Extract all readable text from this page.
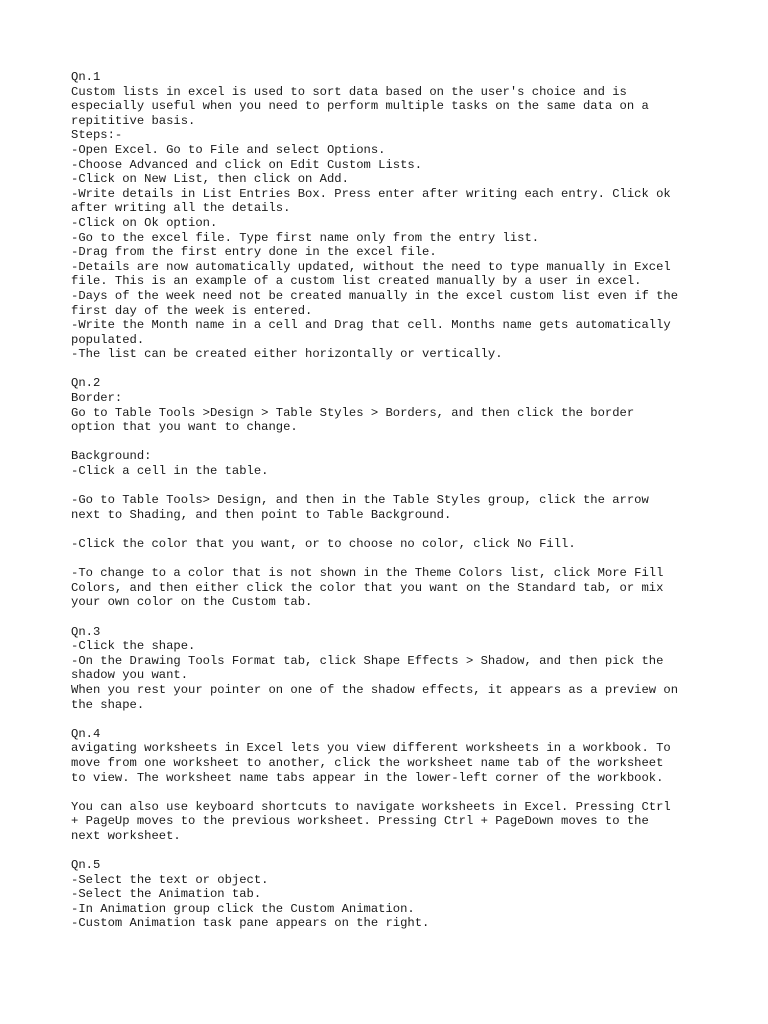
Qn.1
Custom lists in excel is used to sort data based on the user's choice and is
especially useful when you need to perform multiple tasks on the same data on a
repititive basis.
Steps:-
-Open Excel. Go to File and select Options.
-Choose Advanced and click on Edit Custom Lists.
-Click on New List, then click on Add.
-Write details in List Entries Box. Press enter after writing each entry. Click ok
after writing all the details.
-Click on Ok option.
-Go to the excel file. Type first name only from the entry list.
-Drag from the first entry done in the excel file.
-Details are now automatically updated, without the need to type manually in Excel
file. This is an example of a custom list created manually by a user in excel.
-Days of the week need not be created manually in the excel custom list even if the
first day of the week is entered.
-Write the Month name in a cell and Drag that cell. Months name gets automatically
populated.
-The list can be created either horizontally or vertically.
Qn.2
Border:
Go to Table Tools >Design > Table Styles > Borders, and then click the border
option that you want to change.
Background:
-Click a cell in the table.
-Go to Table Tools> Design, and then in the Table Styles group, click the arrow
next to Shading, and then point to Table Background.
-Click the color that you want, or to choose no color, click No Fill.
-To change to a color that is not shown in the Theme Colors list, click More Fill
Colors, and then either click the color that you want on the Standard tab, or mix
your own color on the Custom tab.
Qn.3
-Click the shape.
-On the Drawing Tools Format tab, click Shape Effects > Shadow, and then pick the
shadow you want.
When you rest your pointer on one of the shadow effects, it appears as a preview on
the shape.
Qn.4
avigating worksheets in Excel lets you view different worksheets in a workbook. To
move from one worksheet to another, click the worksheet name tab of the worksheet
to view. The worksheet name tabs appear in the lower-left corner of the workbook.
You can also use keyboard shortcuts to navigate worksheets in Excel. Pressing Ctrl
+ PageUp moves to the previous worksheet. Pressing Ctrl + PageDown moves to the
next worksheet.
Qn.5
-Select the text or object.
-Select the Animation tab.
-In Animation group click the Custom Animation.
-Custom Animation task pane appears on the right.
